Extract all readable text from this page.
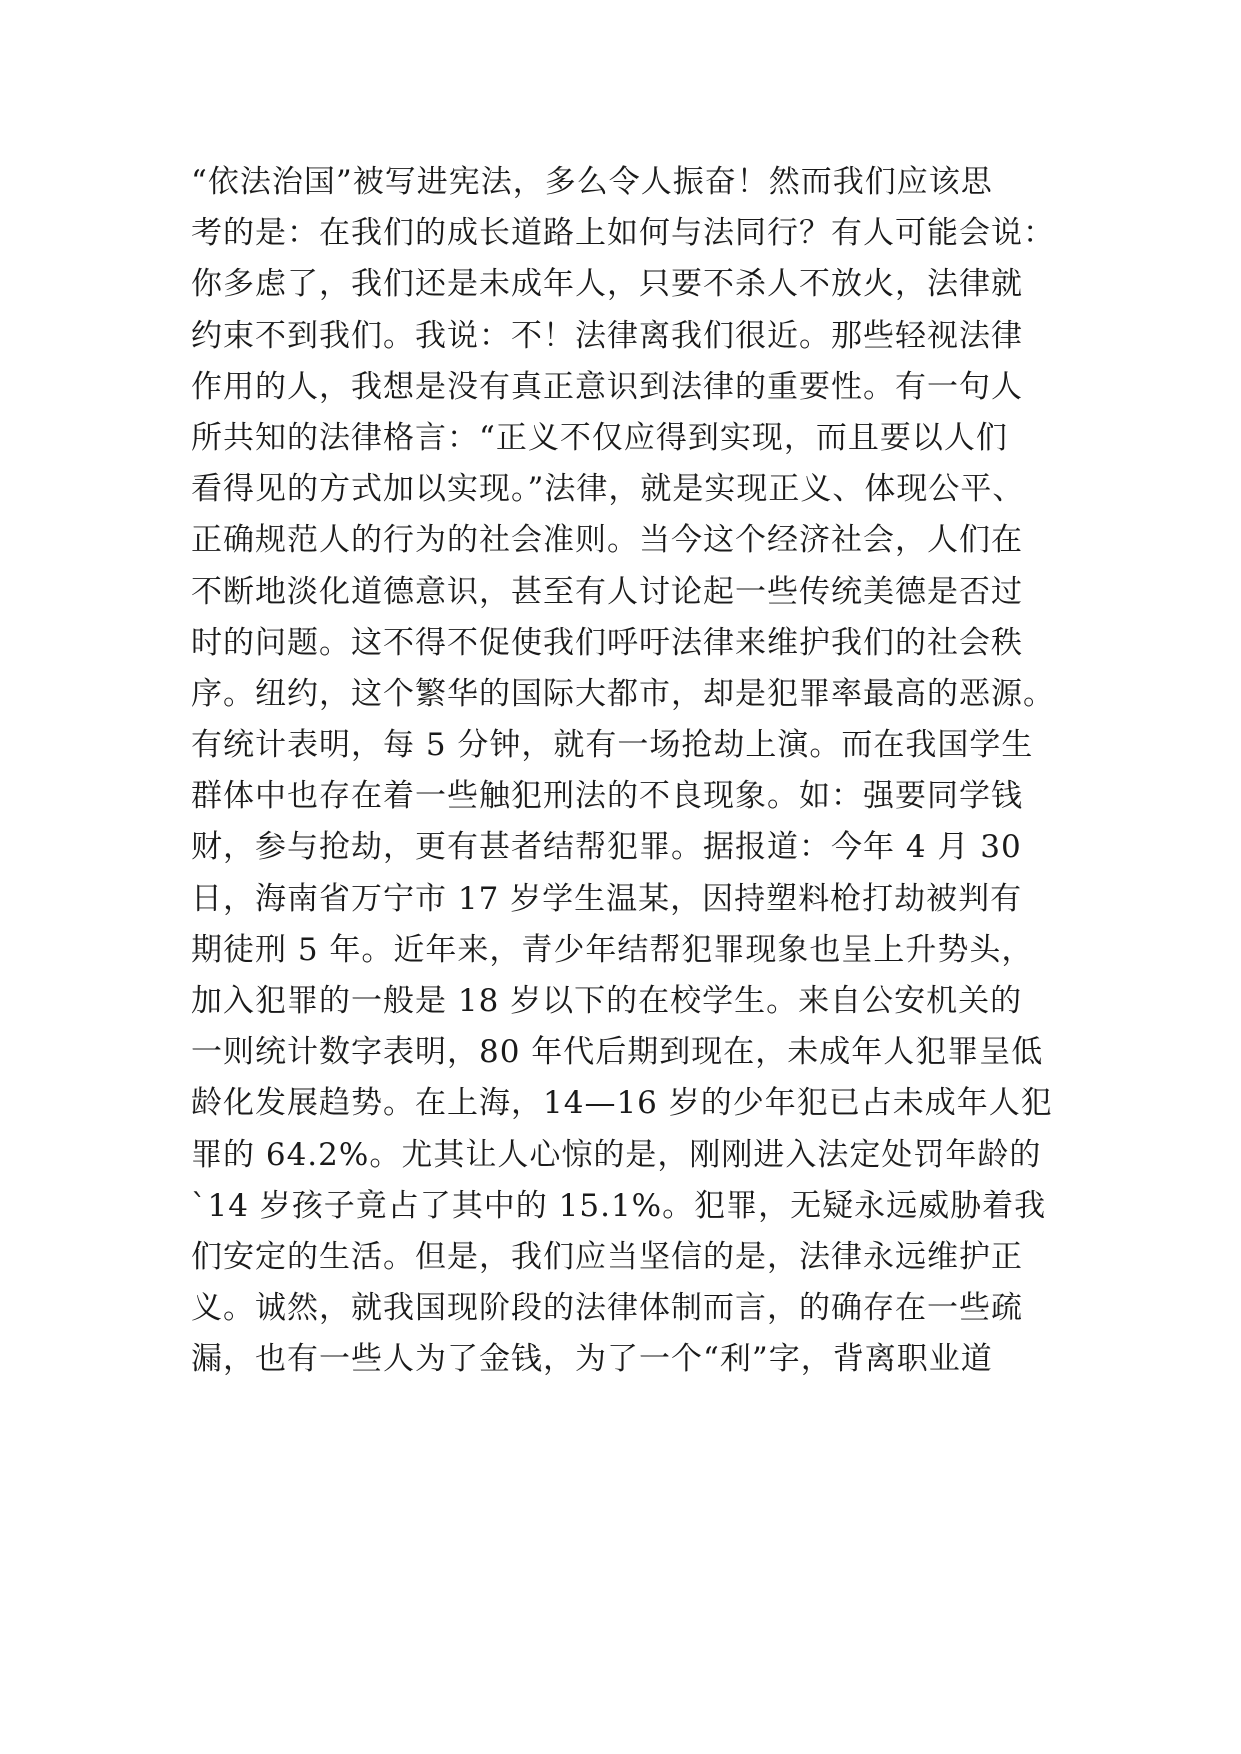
“依法治国”被写进宪法，多么令人振奋！然而我们应该思
考的是：在我们的成长道路上如何与法同行？有人可能会说：
你多虑了，我们还是未成年人，只要不杀人不放火，法律就
约束不到我们。我说：不！法律离我们很近。那些轻视法律
作用的人，我想是没有真正意识到法律的重要性。有一句人
所共知的法律格言：“正义不仅应得到实现，而且要以人们
看得见的方式加以实现。”法律，就是实现正义、体现公平、
正确规范人的行为的社会准则。当今这个经济社会，人们在
不断地淡化道德意识，甚至有人讨论起一些传统美德是否过
时的问题。这不得不促使我们呼吁法律来维护我们的社会秩
序。纽约，这个繁华的国际大都市，却是犯罪率最高的恶源。
有统计表明，每 5 分钟，就有一场抢劫上演。而在我国学生
群体中也存在着一些触犯刑法的不良现象。如：强要同学钱
财，参与抢劫，更有甚者结帮犯罪。据报道：今年 4 月 30
日，海南省万宁市 17 岁学生温某，因持塑料枪打劫被判有
期徒刑 5 年。近年来，青少年结帮犯罪现象也呈上升势头，
加入犯罪的一般是 18 岁以下的在校学生。来自公安机关的
一则统计数字表明，80 年代后期到现在，未成年人犯罪呈低
龄化发展趋势。在上海，14—16 岁的少年犯已占未成年人犯
罪的 64.2%。尤其让人心惊的是，刚刚进入法定处罚年龄的
`14 岁孩子竟占了其中的 15.1%。犯罪，无疑永远威胁着我
们安定的生活。但是，我们应当坚信的是，法律永远维护正
义。诚然，就我国现阶段的法律体制而言，的确存在一些疏
漏，也有一些人为了金钱，为了一个“利”字，背离职业道
